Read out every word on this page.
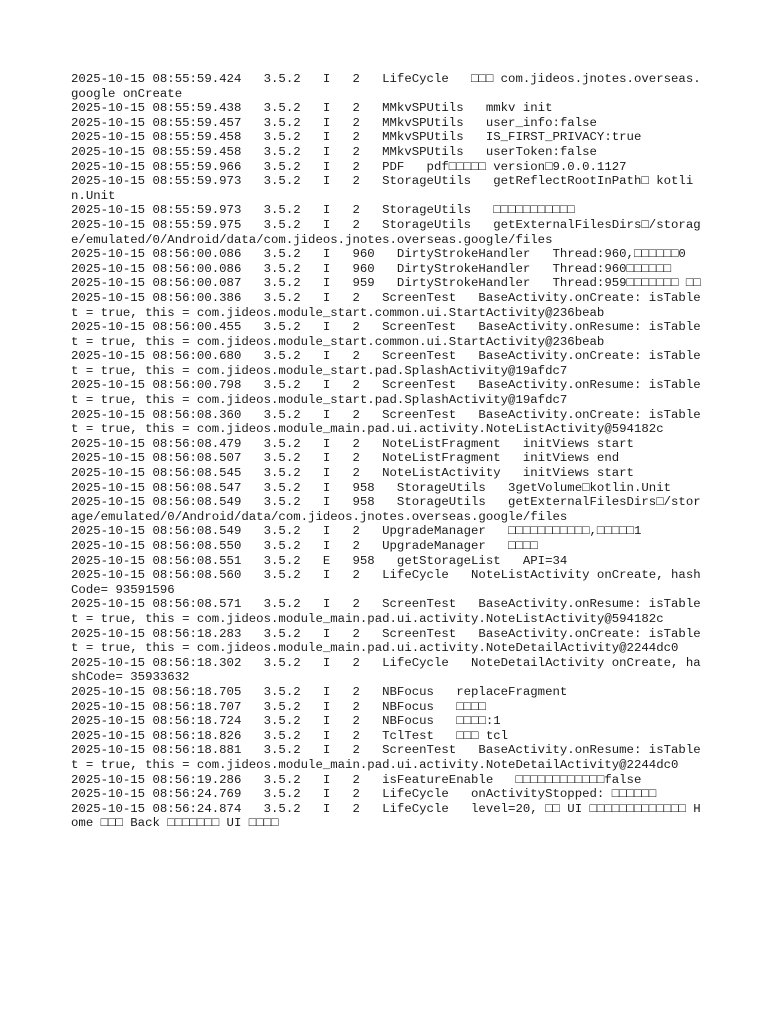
2025-10-15 08:55:59.424   3.5.2   I   2   LifeCycle   □□□ com.jideos.jnotes.overseas.google onCreate
2025-10-15 08:55:59.438   3.5.2   I   2   MMkvSPUtils   mmkv init
2025-10-15 08:55:59.457   3.5.2   I   2   MMkvSPUtils   user_info:false
2025-10-15 08:55:59.458   3.5.2   I   2   MMkvSPUtils   IS_FIRST_PRIVACY:true
2025-10-15 08:55:59.458   3.5.2   I   2   MMkvSPUtils   userToken:false
2025-10-15 08:55:59.966   3.5.2   I   2   PDF   pdf□□□□□ version□9.0.0.1127
2025-10-15 08:55:59.973   3.5.2   I   2   StorageUtils   getReflectRootInPath□ kotlin.Unit
2025-10-15 08:55:59.973   3.5.2   I   2   StorageUtils   □□□□□□□□□□□
2025-10-15 08:55:59.975   3.5.2   I   2   StorageUtils   getExternalFilesDirs□/storage/emulated/0/Android/data/com.jideos.jnotes.overseas.google/files
2025-10-15 08:56:00.086   3.5.2   I   960   DirtyStrokeHandler   Thread:960,□□□□□□0
2025-10-15 08:56:00.086   3.5.2   I   960   DirtyStrokeHandler   Thread:960□□□□□□
2025-10-15 08:56:00.087   3.5.2   I   959   DirtyStrokeHandler   Thread:959□□□□□□□ □□
2025-10-15 08:56:00.386   3.5.2   I   2   ScreenTest   BaseActivity.onCreate: isTablet = true, this = com.jideos.module_start.common.ui.StartActivity@236beab
2025-10-15 08:56:00.455   3.5.2   I   2   ScreenTest   BaseActivity.onResume: isTablet = true, this = com.jideos.module_start.common.ui.StartActivity@236beab
2025-10-15 08:56:00.680   3.5.2   I   2   ScreenTest   BaseActivity.onCreate: isTablet = true, this = com.jideos.module_start.pad.SplashActivity@19afdc7
2025-10-15 08:56:00.798   3.5.2   I   2   ScreenTest   BaseActivity.onResume: isTablet = true, this = com.jideos.module_start.pad.SplashActivity@19afdc7
2025-10-15 08:56:08.360   3.5.2   I   2   ScreenTest   BaseActivity.onCreate: isTablet = true, this = com.jideos.module_main.pad.ui.activity.NoteListActivity@594182c
2025-10-15 08:56:08.479   3.5.2   I   2   NoteListFragment   initViews start
2025-10-15 08:56:08.507   3.5.2   I   2   NoteListFragment   initViews end
2025-10-15 08:56:08.545   3.5.2   I   2   NoteListActivity   initViews start
2025-10-15 08:56:08.547   3.5.2   I   958   StorageUtils   3getVolume□kotlin.Unit
2025-10-15 08:56:08.549   3.5.2   I   958   StorageUtils   getExternalFilesDirs□/storage/emulated/0/Android/data/com.jideos.jnotes.overseas.google/files
2025-10-15 08:56:08.549   3.5.2   I   2   UpgradeManager   □□□□□□□□□□□,□□□□□1
2025-10-15 08:56:08.550   3.5.2   I   2   UpgradeManager   □□□□
2025-10-15 08:56:08.551   3.5.2   E   958   getStorageList   API=34
2025-10-15 08:56:08.560   3.5.2   I   2   LifeCycle   NoteListActivity onCreate, hashCode= 93591596
2025-10-15 08:56:08.571   3.5.2   I   2   ScreenTest   BaseActivity.onResume: isTablet = true, this = com.jideos.module_main.pad.ui.activity.NoteListActivity@594182c
2025-10-15 08:56:18.283   3.5.2   I   2   ScreenTest   BaseActivity.onCreate: isTablet = true, this = com.jideos.module_main.pad.ui.activity.NoteDetailActivity@2244dc0
2025-10-15 08:56:18.302   3.5.2   I   2   LifeCycle   NoteDetailActivity onCreate, hashCode= 35933632
2025-10-15 08:56:18.705   3.5.2   I   2   NBFocus   replaceFragment
2025-10-15 08:56:18.707   3.5.2   I   2   NBFocus   □□□□
2025-10-15 08:56:18.724   3.5.2   I   2   NBFocus   □□□□:1
2025-10-15 08:56:18.826   3.5.2   I   2   TclTest   □□□ tcl
2025-10-15 08:56:18.881   3.5.2   I   2   ScreenTest   BaseActivity.onResume: isTablet = true, this = com.jideos.module_main.pad.ui.activity.NoteDetailActivity@2244dc0
2025-10-15 08:56:19.286   3.5.2   I   2   isFeatureEnable   □□□□□□□□□□□□false
2025-10-15 08:56:24.769   3.5.2   I   2   LifeCycle   onActivityStopped: □□□□□□
2025-10-15 08:56:24.874   3.5.2   I   2   LifeCycle   level=20, □□ UI □□□□□□□□□□□□□ Home □□□ Back □□□□□□□ UI □□□□
